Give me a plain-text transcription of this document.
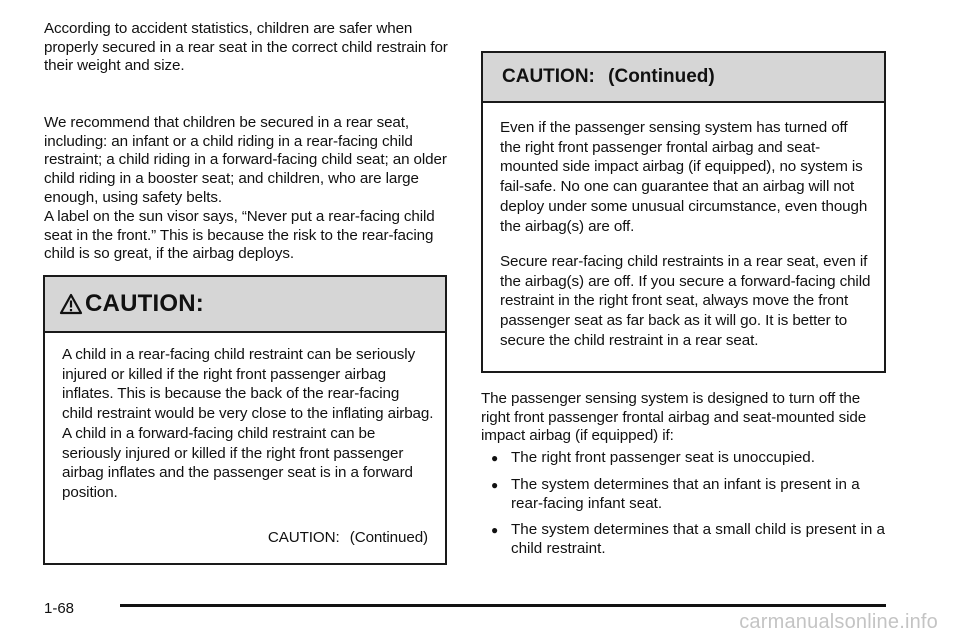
According to accident statistics, children are safer when properly secured in a rear seat in the correct child restrain for their weight and size.

We recommend that children be secured in a rear seat, including: an infant or a child riding in a rear-facing child restraint; a child riding in a forward-facing child seat; an older child riding in a booster seat; and children, who are large enough, using safety belts.

A label on the sun visor says, “Never put a rear-facing child seat in the front.” This is because the risk to the rear-facing child is so great, if the airbag deploys.

CAUTION:

A child in a rear-facing child restraint can be seriously injured or killed if the right front passenger airbag inflates. This is because the back of the rear-facing child restraint would be very close to the inflating airbag. A child in a forward-facing child restraint can be seriously injured or killed if the right front passenger airbag inflates and the passenger seat is in a forward position.

CAUTION: (Continued)
CAUTION: (Continued)

Even if the passenger sensing system has turned off the right front passenger frontal airbag and seat-mounted side impact airbag (if equipped), no system is fail-safe. No one can guarantee that an airbag will not deploy under some unusual circumstance, even though the airbag(s) are off.

Secure rear-facing child restraints in a rear seat, even if the airbag(s) are off. If you secure a forward-facing child restraint in the right front seat, always move the front passenger seat as far back as it will go. It is better to secure the child restraint in a rear seat.

The passenger sensing system is designed to turn off the right front passenger frontal airbag and seat-mounted side impact airbag (if equipped) if:

● The right front passenger seat is unoccupied.
● The system determines that an infant is present in a rear-facing infant seat.
● The system determines that a small child is present in a child restraint.
1-68
carmanualsonline.info
